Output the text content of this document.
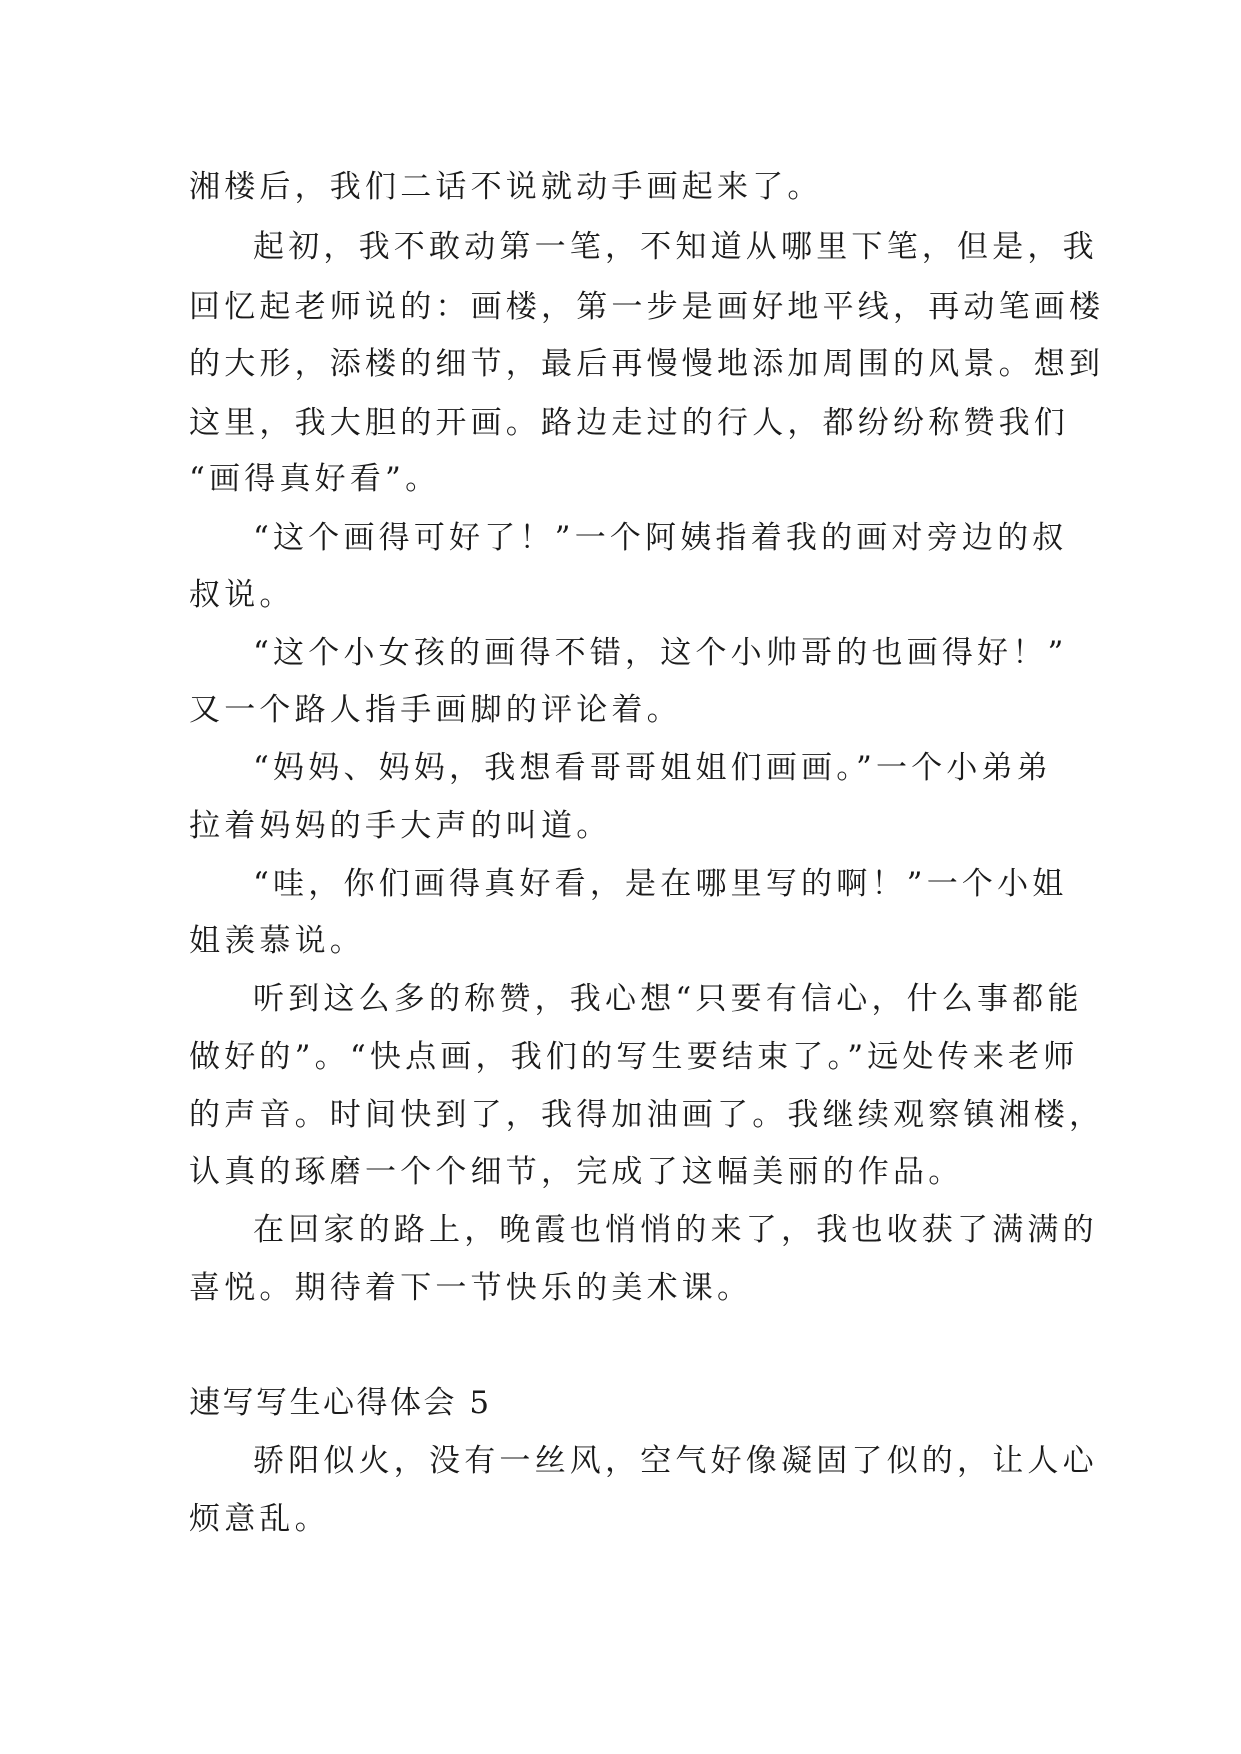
湘楼后，我们二话不说就动手画起来了。
起初，我不敢动第一笔，不知道从哪里下笔，但是，我
回忆起老师说的：画楼，第一步是画好地平线，再动笔画楼
的大形，添楼的细节，最后再慢慢地添加周围的风景。想到
这里，我大胆的开画。路边走过的行人，都纷纷称赞我们
“画得真好看”。
“这个画得可好了！”一个阿姨指着我的画对旁边的叔
叔说。
“这个小女孩的画得不错，这个小帅哥的也画得好！”
又一个路人指手画脚的评论着。
“妈妈、妈妈，我想看哥哥姐姐们画画。”一个小弟弟
拉着妈妈的手大声的叫道。
“哇，你们画得真好看，是在哪里写的啊！”一个小姐
姐羡慕说。
听到这么多的称赞，我心想“只要有信心，什么事都能
做好的”。“快点画，我们的写生要结束了。”远处传来老师
的声音。时间快到了，我得加油画了。我继续观察镇湘楼，
认真的琢磨一个个细节，完成了这幅美丽的作品。
在回家的路上，晚霞也悄悄的来了，我也收获了满满的
喜悦。期待着下一节快乐的美术课。
速写写生心得体会 5
骄阳似火，没有一丝风，空气好像凝固了似的，让人心
烦意乱。
